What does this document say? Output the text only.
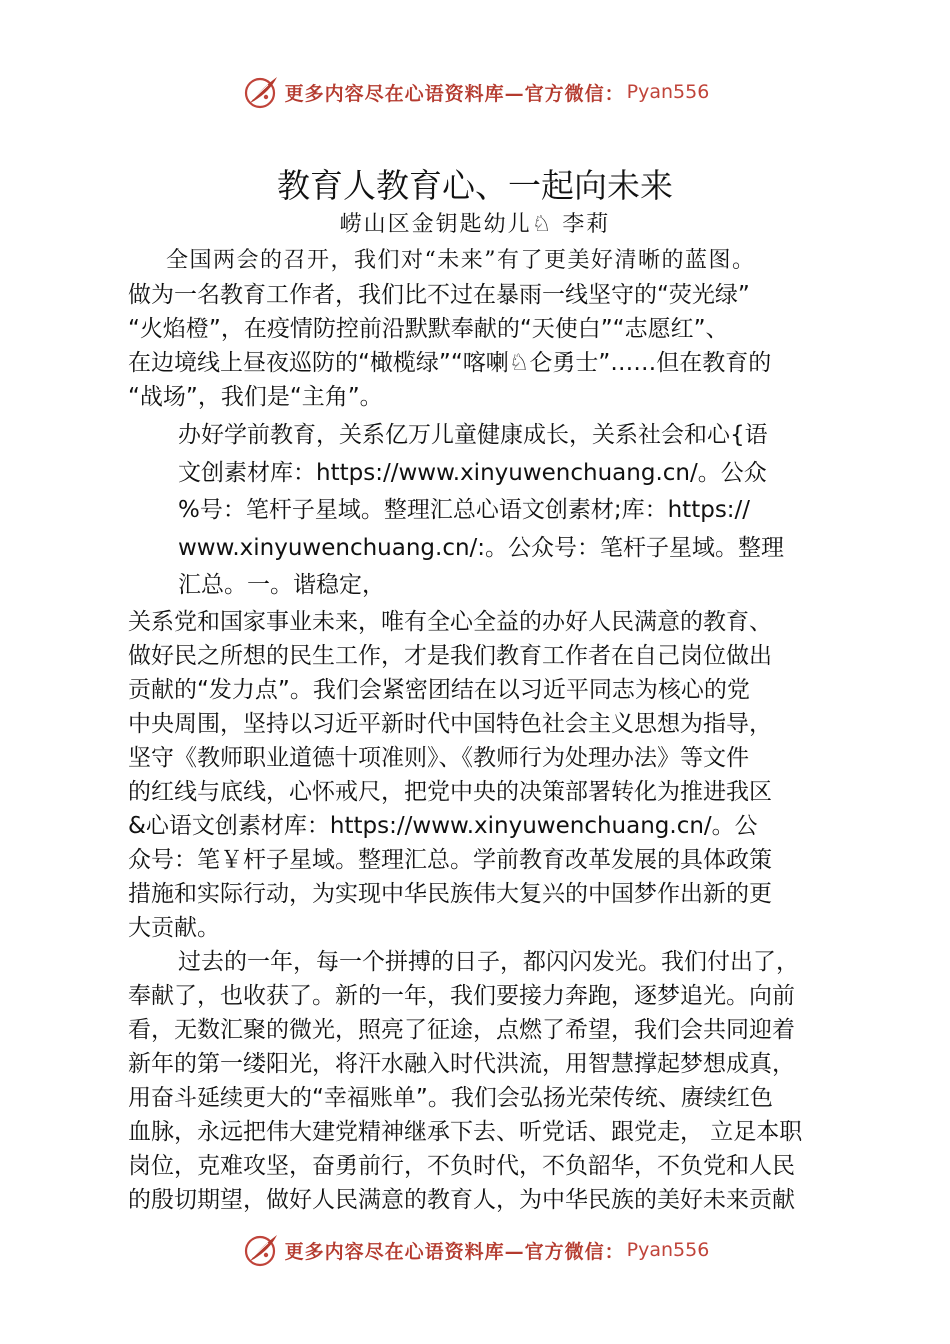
更多内容尽在心语资料库—官方微信： Pyan556
教育人教育心、一起向未来
崂山区金钥匙幼儿♘ 李莉
全国两会的召开，我们对“未来”有了更美好清晰的蓝图。
做为一名教育工作者，我们比不过在暴雨一线坚守的“荧光绿”
“火焰橙”，在疫情防控前沿默默奉献的“天使白”“志愿红”、
在边境线上昼夜巡防的“橄榄绿”“喀喇♘仑勇士”……但在教育的
“战场”，我们是“主角”。
办好学前教育，关系亿万儿童健康成长，关系社会和心{语
文创素材库：https://www.xinyuwenchuang.cn/。公众
%号：笔杆子星域。整理汇总心语文创素材;库：https://
www.xinyuwenchuang.cn/:。公众号：笔杆子星域。整理
汇总。一。谐稳定，
关系党和国家事业未来，唯有全心全益的办好人民满意的教育、
做好民之所想的民生工作，才是我们教育工作者在自己岗位做出
贡献的“发力点”。我们会紧密团结在以习近平同志为核心的党
中央周围，坚持以习近平新时代中国特色社会主义思想为指导，
坚守《教师职业道德十项准则》、《教师行为处理办法》等文件
的红线与底线，心怀戒尺，把党中央的决策部署转化为推进我区
&心语文创素材库：https://www.xinyuwenchuang.cn/。公
众号：笔￥杆子星域。整理汇总。学前教育改革发展的具体政策
措施和实际行动，为实现中华民族伟大复兴的中国梦作出新的更
大贡献。
过去的一年，每一个拼搏的日子，都闪闪发光。我们付出了，
奉献了，也收获了。新的一年，我们要接力奔跑，逐梦追光。向前
看，无数汇聚的微光，照亮了征途，点燃了希望，我们会共同迎着
新年的第一缕阳光，将汗水融入时代洪流，用智慧撑起梦想成真，
用奋斗延续更大的“幸福账单”。我们会弘扬光荣传统、赓续红色
血脉，永远把伟大建党精神继承下去、听党话、跟党走， 立足本职
岗位，克难攻坚，奋勇前行，不负时代，不负韶华，不负党和人民
的殷切期望，做好人民满意的教育人，为中华民族的美好未来贡献
更多内容尽在心语资料库—官方微信： Pyan556
